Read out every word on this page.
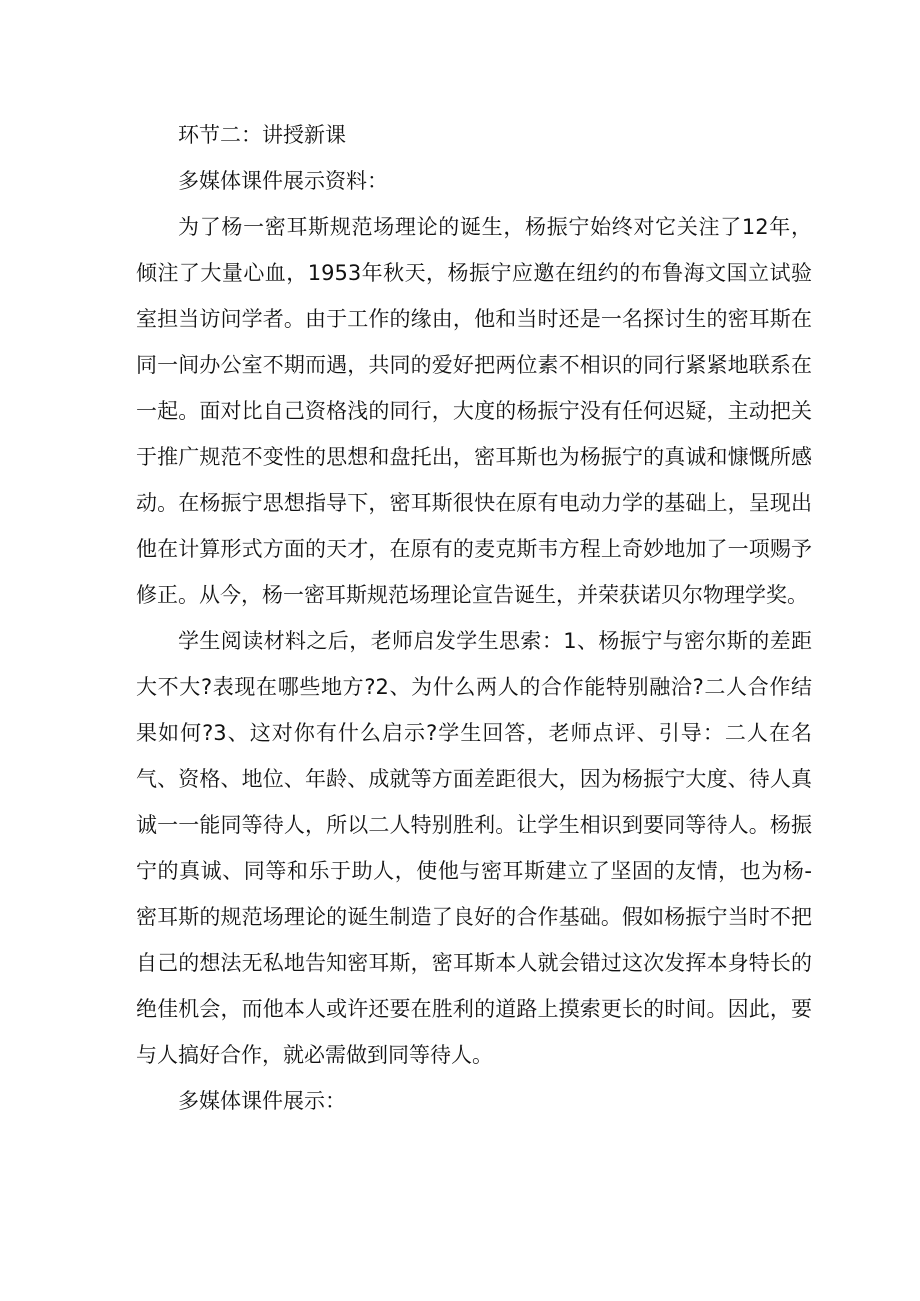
环节二：讲授新课

多媒体课件展示资料：

为了杨一密耳斯规范场理论的诞生，杨振宁始终对它关注了12年，倾注了大量心血，1953年秋天，杨振宁应邀在纽约的布鲁海文国立试验室担当访问学者。由于工作的缘由，他和当时还是一名探讨生的密耳斯在同一间办公室不期而遇，共同的爱好把两位素不相识的同行紧紧地联系在一起。面对比自己资格浅的同行，大度的杨振宁没有任何迟疑，主动把关于推广规范不变性的思想和盘托出，密耳斯也为杨振宁的真诚和慷慨所感动。在杨振宁思想指导下，密耳斯很快在原有电动力学的基础上，呈现出他在计算形式方面的天才，在原有的麦克斯韦方程上奇妙地加了一项赐予修正。从今，杨一密耳斯规范场理论宣告诞生，并荣获诺贝尔物理学奖。

学生阅读材料之后，老师启发学生思索：1、杨振宁与密尔斯的差距大不大?表现在哪些地方?2、为什么两人的合作能特别融洽?二人合作结果如何?3、这对你有什么启示?学生回答，老师点评、引导：二人在名气、资格、地位、年龄、成就等方面差距很大，因为杨振宁大度、待人真诚一一能同等待人，所以二人特别胜利。让学生相识到要同等待人。杨振宁的真诚、同等和乐于助人，使他与密耳斯建立了坚固的友情，也为杨-密耳斯的规范场理论的诞生制造了良好的合作基础。假如杨振宁当时不把自己的想法无私地告知密耳斯，密耳斯本人就会错过这次发挥本身特长的绝佳机会，而他本人或许还要在胜利的道路上摸索更长的时间。因此，要与人搞好合作，就必需做到同等待人。

多媒体课件展示：
